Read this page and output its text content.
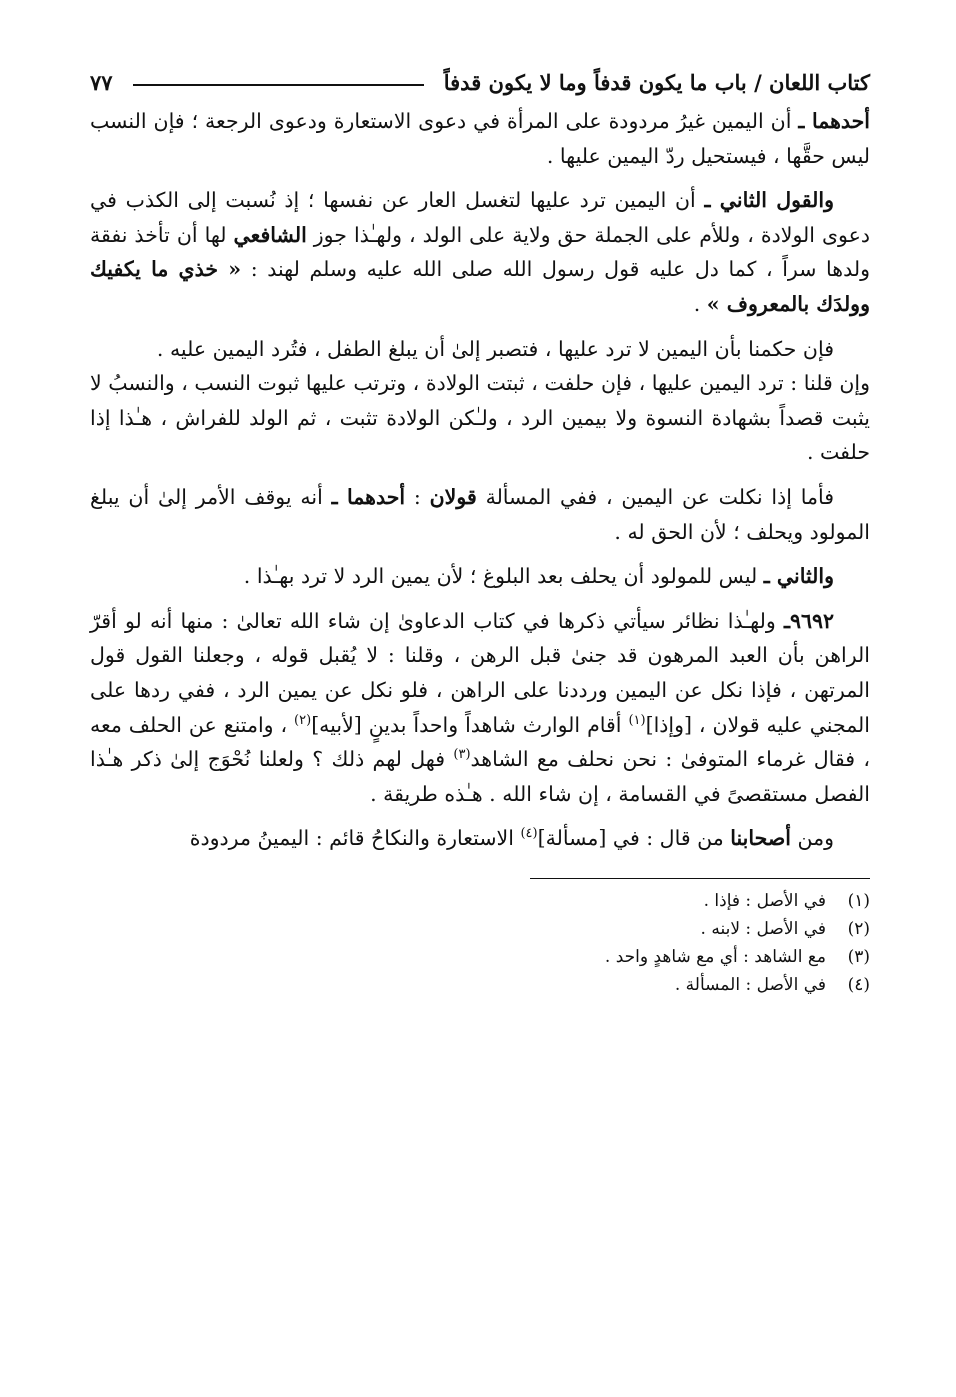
كتاب اللعان / باب ما يكون قدفاً وما لا يكون قدفاً
٧٧

أحدهما ـ أن اليمين غيرُ مردودة على المرأة في دعوى الاستعارة ودعوى الرجعة ؛ فإن النسب ليس حقَّها ، فيستحيل ردّ اليمين عليها .

والقول الثاني ـ أن اليمين ترد عليها لتغسل العار عن نفسها ؛ إذ نُسبت إلى الكذب في دعوى الولادة ، وللأم على الجملة حق ولاية على الولد ، ولهـٰذا جوز الشافعي لها أن تأخذ نفقة ولدها سراً ، كما دل عليه قول رسول الله صلى الله عليه وسلم لهند : « خذي ما يكفيك وولدَك بالمعروف » .

فإن حكمنا بأن اليمين لا ترد عليها ، فتصبر إلىٰ أن يبلغ الطفل ، فتُرد اليمين عليه .

وإن قلنا : ترد اليمين عليها ، فإن حلفت ، ثبتت الولادة ، وترتب عليها ثبوت النسب ، والنسبُ لا يثبت قصداً بشهادة النسوة ولا بيمين الرد ، ولـٰكن الولادة تثبت ، ثم الولد للفراش ، هـٰذا إذا حلفت .

فأما إذا نكلت عن اليمين ، ففي المسألة قولان : أحدهما ـ أنه يوقف الأمر إلىٰ أن يبلغ المولود ويحلف ؛ لأن الحق له .

والثاني ـ ليس للمولود أن يحلف بعد البلوغ ؛ لأن يمين الرد لا ترد بهـٰذا .

٩٦٩٢ـ ولهـٰذا نظائر سيأتي ذكرها في كتاب الدعاوىٰ إن شاء الله تعالىٰ : منها أنه لو أقرّ الراهن بأن العبد المرهون قد جنىٰ قبل الرهن ، وقلنا : لا يُقبل قوله ، وجعلنا القول قول المرتهن ، فإذا نكل عن اليمين ورددنا على الراهن ، فلو نكل عن يمين الرد ، ففي ردها على المجني عليه قولان ، [وإذا]$^{(١)}$ أقام الوارث شاهداً واحداً بدينٍ [لأبيه]$^{(٢)}$ ، وامتنع عن الحلف معه ، فقال غرماء المتوفىٰ : نحن نحلف مع الشاهد$^{(٣)}$ فهل لهم ذلك ؟ ولعلنا نُحْوَج إلىٰ ذكر هـٰذا الفصل مستقصىً في القسامة ، إن شاء الله . هـٰذه طريقة .

ومن أصحابنا من قال : في [مسألة]$^{(٤)}$ الاستعارة والنكاحُ قائم : اليمينُ مردودة

(١)في الأصل : فإذا .
(٢)في الأصل : لابنه .
(٣)مع الشاهد : أي مع شاهدٍ واحد .
(٤)في الأصل : المسألة .
